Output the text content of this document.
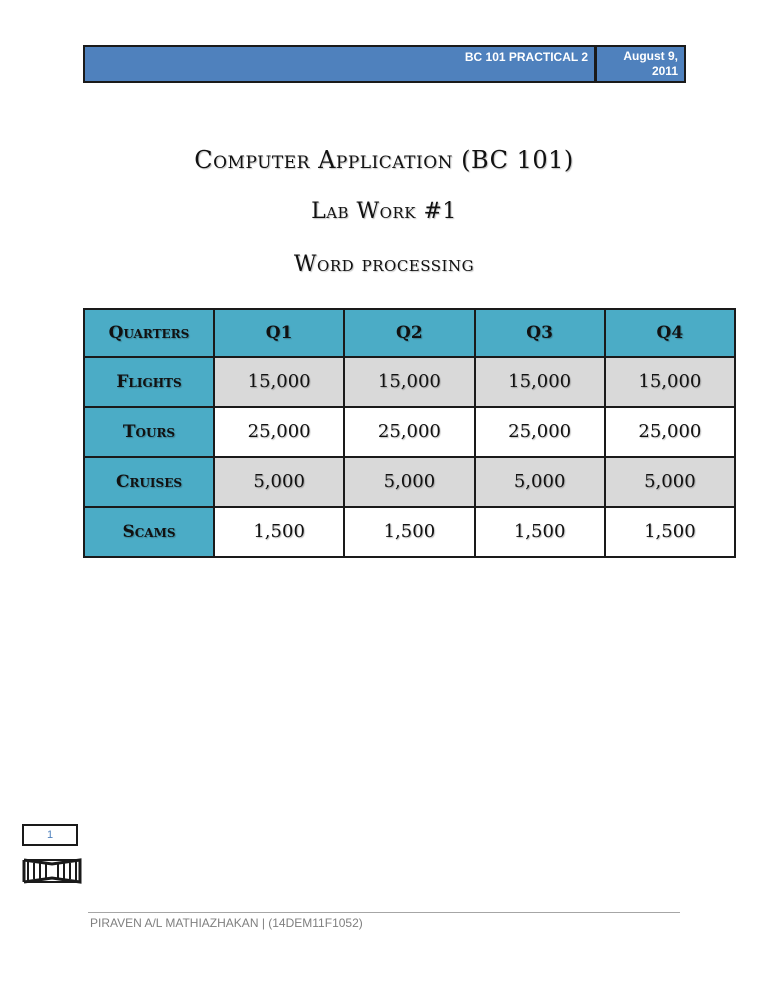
BC 101 PRACTICAL 2	August 9,
2011
Computer Application (BC 101)
Lab Work #1
Word processing
Quarters	Q1	Q2	Q3	Q4
Flights	15,000	15,000	15,000	15,000
Tours	25,000	25,000	25,000	25,000
Cruises	5,000	5,000	5,000	5,000
Scams	1,500	1,500	1,500	1,500
1
PIRAVEN A/L MATHIAZHAKAN | (14DEM11F1052)
